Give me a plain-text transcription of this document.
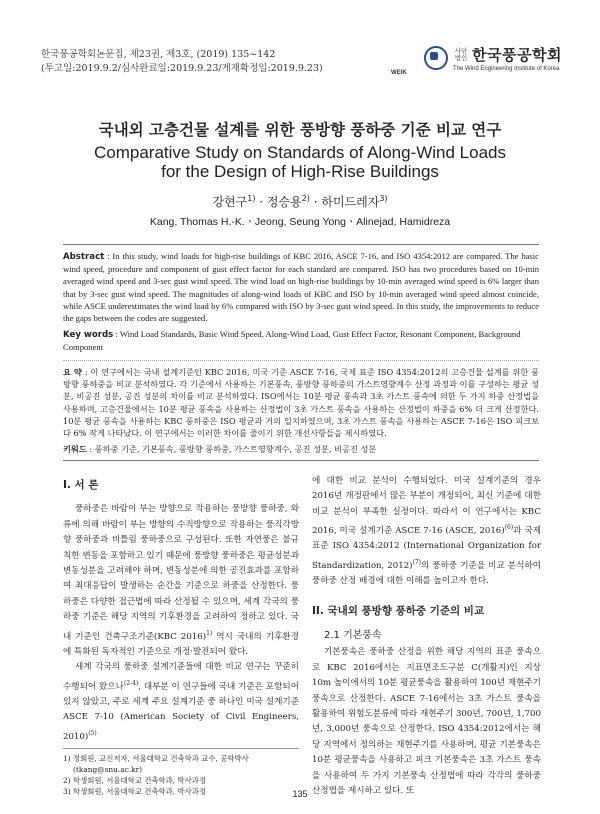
한국풍공학회논문집, 제23권, 제3호, (2019) 135~142
(투고일:2019.9.2/심사완료일:2019.9.23/게재확정일:2019.9.23)
사단
법인 한국풍공학회
The Wind Engineering Institute of Korea
WEIK
국내외 고층건물 설계를 위한 풍방향 풍하중 기준 비교 연구
Comparative Study on Standards of Along-Wind Loads
for the Design of High-Rise Buildings
강현구$^{1)}$ · 정승용$^{2)}$ · 하미드레자$^{3)}$
Kang, Thomas H.-K.ㆍJeong, Seung YongㆍAlinejad, Hamidreza
Abstract : In this study, wind loads for high-rise buildings of KBC 2016, ASCE 7-16, and ISO 4354:2012 are compared. The basic wind speed, procedure and component of gust effect factor for each standard are compared. ISO has two procedures based on 10-min averaged wind speed and 3-sec gust wind speed. The wind load on high-rise buildings by 10-min averaged wind speed is 6% larger than that by 3-sec gust wind speed. The magnitudes of along-wind loads of KBC and ISO by 10-min averaged wind speed almost coincide, while ASCE underestimates the wind load by 6% compared with ISO by 3-sec gust wind speed. In this study, the improvements to reduce the gaps between the codes are suggested.
Key words : Wind Load Standards, Basic Wind Speed, Along-Wind Load, Gust Effect Factor, Resonant Component, Background Component
요 약 : 이 연구에서는 국내 설계기준인 KBC 2016, 미국 기준 ASCE 7-16, 국제 표준 ISO 4354:2012의 고층건물 설계를 위한 풍방향 풍하중을 비교 분석하였다. 각 기준에서 사용하는 기본풍속, 풍방향 풍하중의 가스트영향계수 산정 과정과 이를 구성하는 평균 성분, 비공진 성분, 공진 성분의 차이를 비교 분석하였다. ISO에서는 10분 평균 풍속과 3초 가스트 풍속에 의한 두 가지 하중 산정법을 사용하며, 고층건물에서는 10분 평균 풍속을 사용하는 산정법이 3초 가스트 풍속을 사용하는 산정법이 하중을 6% 더 크게 산정한다. 10분 평균 풍속을 사용하는 KBC 풍하중은 ISO 평균과 거의 일치하였으며, 3초 가스트 풍속을 사용하는 ASCE 7-16은 ISO 피크보다 6% 작게 나타났다. 이 연구에서는 이러한 차이를 줄이기 위한 개선사항들을 제시하였다.
키워드 : 풍하중 기준, 기본풍속, 풍방향 풍하중, 가스트영향계수, 공진 성분, 비공진 성분
I. 서 론
풍하중은 바람이 부는 방향으로 작용하는 풍방향 풍하중, 와류에 의해 바람이 부는 방향의 수직방향으로 작용하는 풍직각방향 풍하중과 비틀림 풍하중으로 구성된다. 또한 자연풍은 불규칙한 변동을 포함하고 있기 때문에 풍방향 풍하중은 평균성분과 변동성분을 고려해야 하며, 변동성분에 의한 공진효과를 포함하여 최대응답이 발생하는 순간을 기준으로 하중을 산정한다. 풍하중은 다양한 접근법에 따라 산정될 수 있으며, 세계 각국의 풍하중 기준은 해당 지역의 기후환경을 고려하여 정하고 있다. 국내 기준인 건축구조기준(KBC 2016)$^{1)}$ 역시 국내의 기후환경에 특화된 독자적인 기준으로 개정·발전되어 왔다.
세계 각국의 풍하중 설계기준들에 대한 비교 연구는 꾸준히 수행되어 왔으나$^{(2-4)}$, 대부분 이 연구들에 국내 기준은 포함되어 있지 않았고, 주로 세계 주요 설계기준 중 하나인 미국 설계기준 ASCE 7-10 (American Society of Civil Engineers, 2010)$^{(5)}$
1) 정회원, 교신저자, 서울대학교 건축학과 교수, 공학박사
(tkang@snu.ac.kr)
2) 학생회원, 서울대학교 건축학과, 박사과정
3) 학생회원, 서울대학교 건축학과, 박사과정
에 대한 비교 분석이 수행되었다. 미국 설계기준의 경우 2016년 개정판에서 많은 부분이 개정되어, 최신 기준에 대한 비교 분석이 부족한 실정이다. 따라서 이 연구에서는 KBC 2016, 미국 설계기준 ASCE 7-16 (ASCE, 2016)$^{(6)}$과 국제 표준 ISO 4354:2012 (International Organization for Standardization, 2012)$^{(7)}$의 풍하중 기준을 비교 분석하여 풍하중 산정 배경에 대한 이해를 높이고자 한다.
II. 국내외 풍방향 풍하중 기준의 비교
2.1 기본풍속
기본풍속은 풍하중 산정을 위한 해당 지역의 표준 풍속으로 KBC 2016에서는 지표면조도구분 C(개활지)인 지상 10m 높이에서의 10분 평균풍속을 활용하여 100년 재현주기 풍속으로 산정한다. ASCE 7-16에서는 3초 가스트 풍속을 활용하여 위험도분류에 따라 재현주기 300년, 700년, 1,700년, 3,000년 풍속으로 산정한다. ISO 4354:2012에서는 해당 지역에서 정의하는 재현주기를 사용하며, 평균 기본풍속은 10분 평균풍속을 사용하고 피크 기본풍속은 3초 가스트 풍속을 사용하여 두 가지 기본풍속 산정법에 따라 각각의 풍하중 산정법을 제시하고 있다. 또
135
